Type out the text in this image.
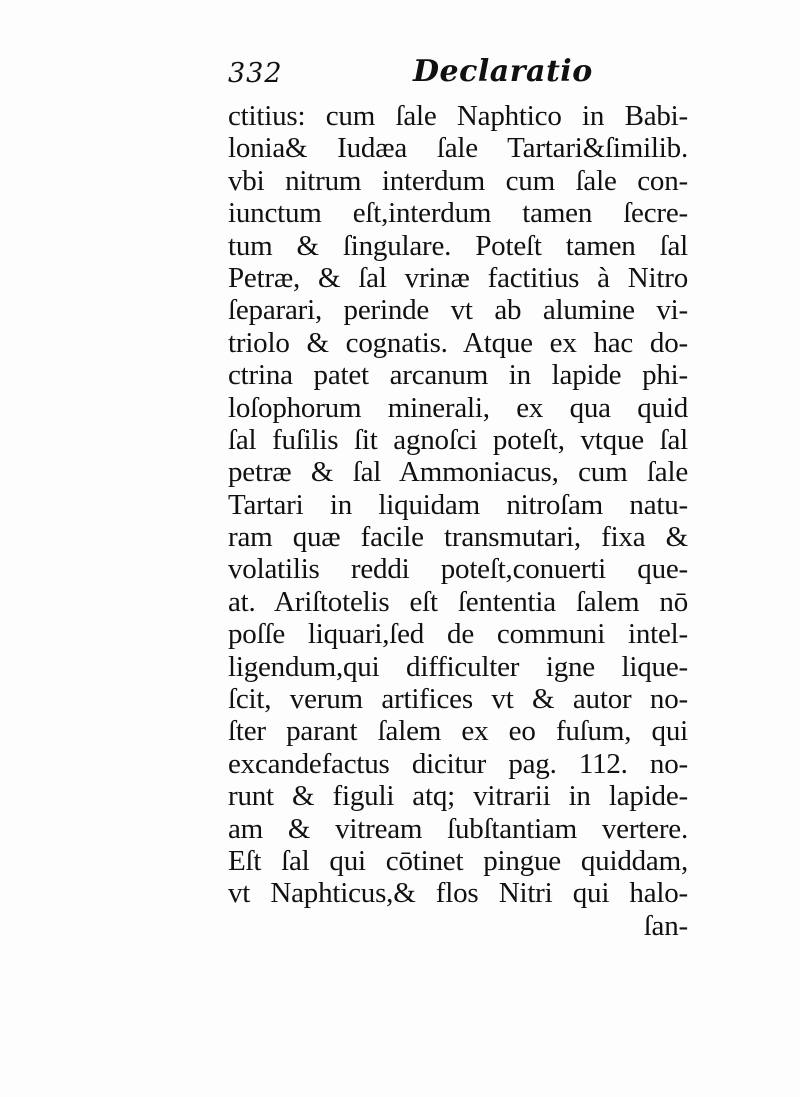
332	Declaratio
ctitius: cum ſale Naphtico in Babi-
lonia& Iudæa ſale Tartari&ſimilib.
vbi nitrum interdum cum ſale con-
iunctum eſt,interdum tamen ſecre-
tum & ſingulare. Poteſt tamen ſal
Petræ, & ſal vrinæ factitius à Nitro
ſeparari, perinde vt ab alumine vi-
triolo & cognatis. Atque ex hac do-
ctrina patet arcanum in lapide phi-
loſophorum minerali, ex qua quid
ſal fuſilis ſit agnoſci poteſt, vtque ſal
petræ & ſal Ammoniacus, cum ſale
Tartari in liquidam nitroſam natu-
ram quæ facile transmutari, fixa &
volatilis reddi poteſt,conuerti que-
at. Ariſtotelis eſt ſententia ſalem nō
poſſe liquari,ſed de communi intel-
ligendum,qui difficulter igne lique-
ſcit, verum artifices vt & autor no-
ſter parant ſalem ex eo fuſum, qui
excandefactus dicitur pag. 112. no-
runt & figuli atq; vitrarii in lapide-
am & vitream ſubſtantiam vertere.
Eſt ſal qui cōtinet pingue quiddam,
vt Naphticus,& flos Nitri qui halo-
ſan-
